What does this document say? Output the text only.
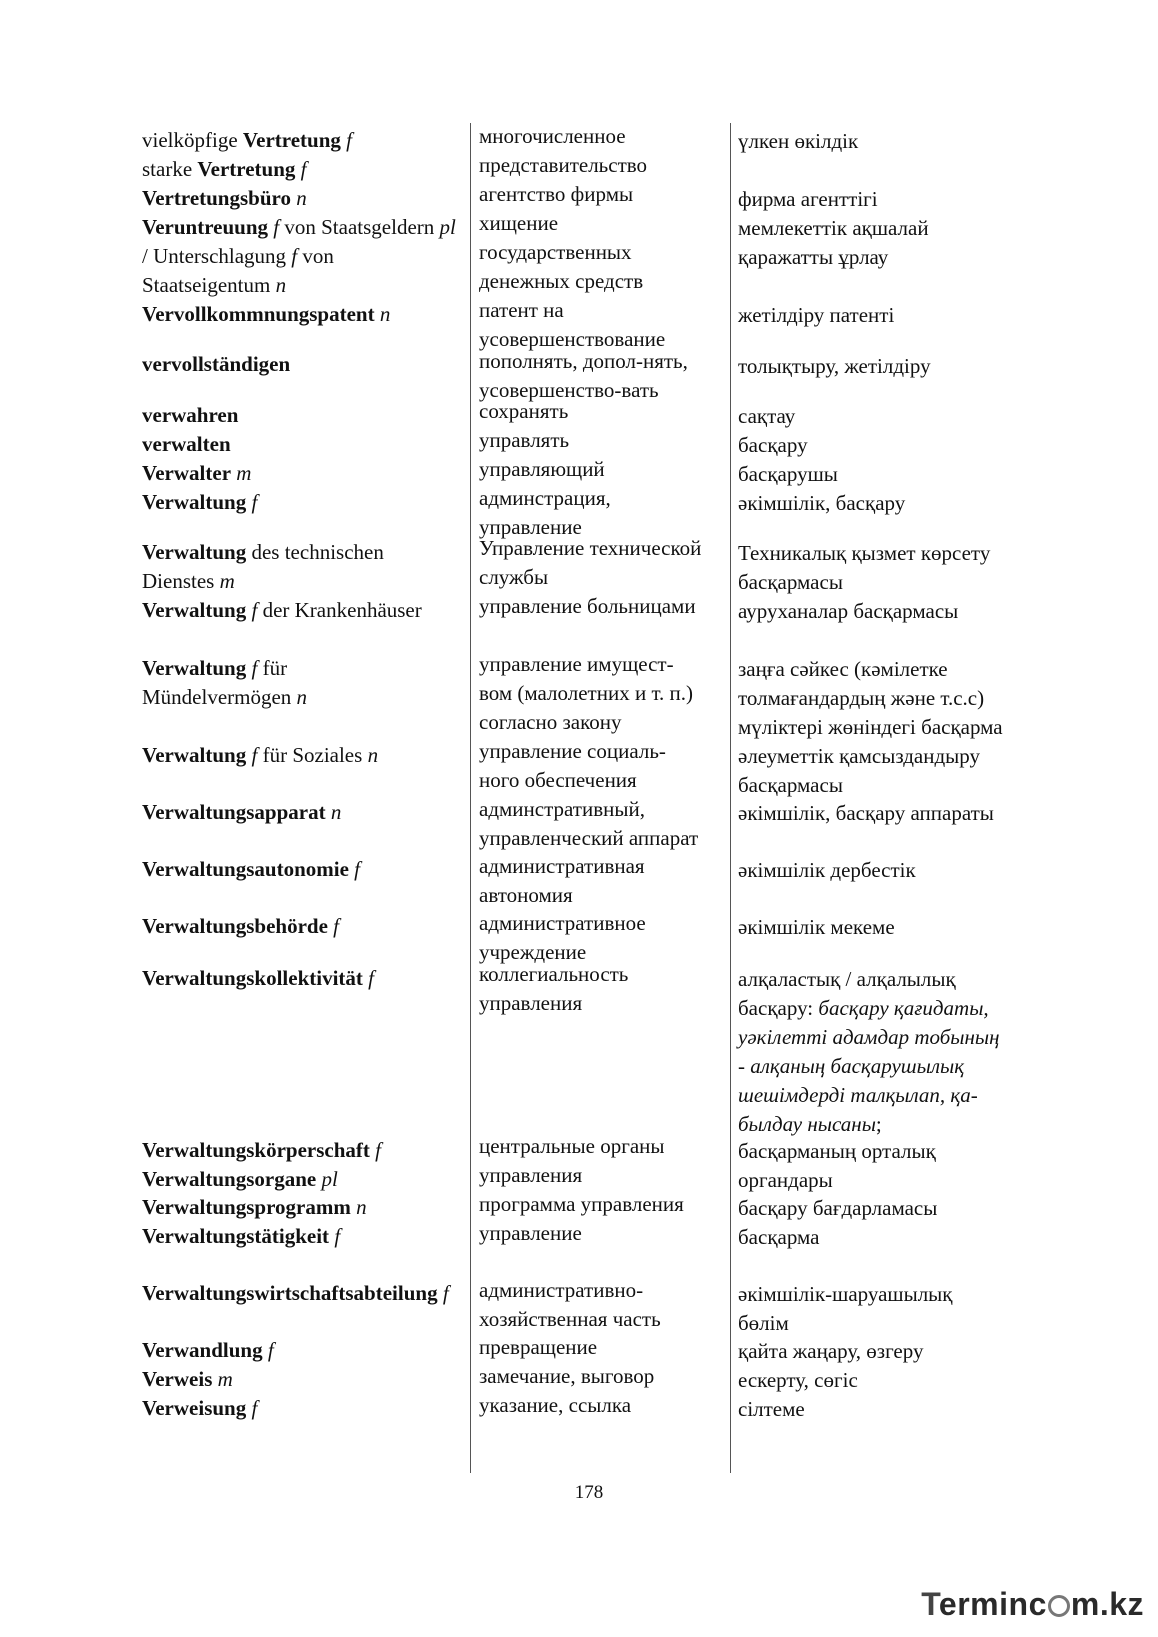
vielköpfige Vertretung f
starke Vertretung f
Vertretungsbüro n
Veruntreuung f von Staatsgeldern pl
/ Unterschlagung f von
Staatseigentum n
Vervollkommnungspatent n
vervollständigen
verwahren
verwalten
Verwalter m
Verwaltung f
Verwaltung des technischen
Dienstes m
Verwaltung f der Krankenhäuser
Verwaltung f für
Mündelvermögen n
Verwaltung f für Soziales n
Verwaltungsapparat n
Verwaltungsautonomie f
Verwaltungsbehörde f
Verwaltungskollektivität f
Verwaltungskörperschaft f
Verwaltungsorgane pl
Verwaltungsprogramm n
Verwaltungstätigkeit f
Verwaltungswirtschaftsabteilung f
Verwandlung f
Verweis m
Verweisung f
многочисленное
представительство
агентство фирмы
хищение
государственных
денежных средств
патент на
усовершенствование
пополнять, допол-нять,
усовершенство-вать
сохранять
управлять
управляющий
админстрация,
управление
Управление технической
службы
управление больницами
управление имущест-
вом (малолетних и т. п.)
согласно закону
управление социаль-
ного обеспечения
админстративный,
управленческий аппарат
административная
автономия
административное
учреждение
коллегиальность
управления
центральные органы
управления
программа управления
управление
административно-
хозяйственная часть
превращение
замечание, выговор
указание, ссылка
үлкен өкілдік
фирма агенттігі
мемлекеттік ақшалай
қаражатты ұрлау
жетілдіру патенті
толықтыру, жетілдіру
сақтау
басқару
басқарушы
әкімшілік, басқару
Техникалық қызмет көрсету
басқармасы
ауруханалар басқармасы
заңға сәйкес (кәмілетке
толмағандардың және т.с.с)
мүліктері жөніндегі басқарма
әлеуметтік қамсыздандыру
басқармасы
әкімшілік, басқару аппараты
әкімшілік дербестік
әкімшілік мекеме
алқаластық / алқалылық
басқару: басқару қағидаты,
уәкілетті адамдар тобының
- алқаның басқарушылық
шешімдерді талқылап, қа-
былдау нысаны;
басқарманың орталық
органдары
басқару бағдарламасы
басқарма
әкімшілік-шаруашылық
бөлім
қайта жаңару, өзгеру
ескерту, сөгіс
сілтеме
178
Terminc m.kz
